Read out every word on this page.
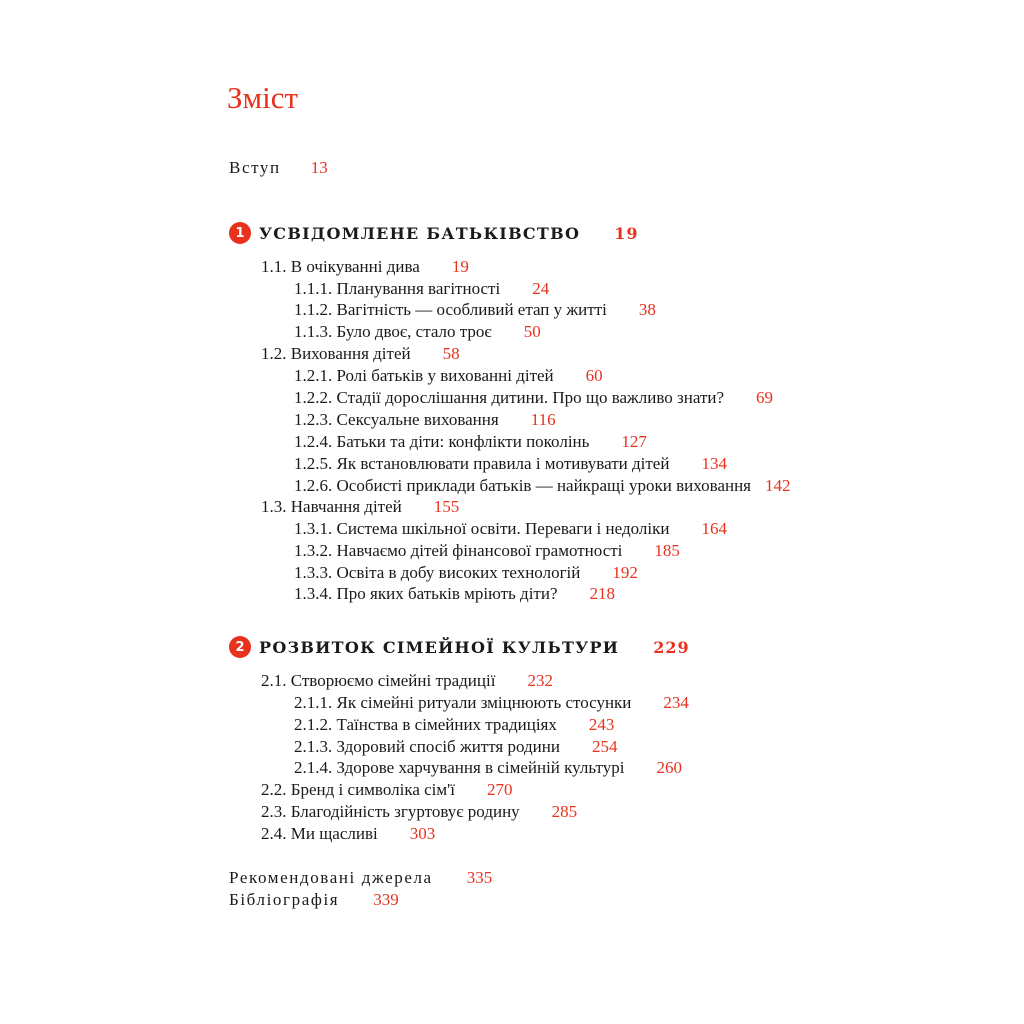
Зміст
Вступ 13
1 УСВІДОМЛЕНЕ БАТЬКІВСТВО 19
1.1. В очікуванні дива 19
1.1.1. Планування вагітності 24
1.1.2. Вагітність — особливий етап у житті 38
1.1.3. Було двоє, стало троє 50
1.2. Виховання дітей 58
1.2.1. Ролі батьків у вихованні дітей 60
1.2.2. Стадії дорослішання дитини. Про що важливо знати? 69
1.2.3. Сексуальне виховання 116
1.2.4. Батьки та діти: конфлікти поколінь 127
1.2.5. Як встановлювати правила і мотивувати дітей 134
1.2.6. Особисті приклади батьків — найкращі уроки виховання 142
1.3. Навчання дітей 155
1.3.1. Система шкільної освіти. Переваги і недоліки 164
1.3.2. Навчаємо дітей фінансової грамотності 185
1.3.3. Освіта в добу високих технологій 192
1.3.4. Про яких батьків мріють діти? 218
2 РОЗВИТОК СІМЕЙНОЇ КУЛЬТУРИ 229
2.1. Створюємо сімейні традиції 232
2.1.1. Як сімейні ритуали зміцнюють стосунки 234
2.1.2. Таїнства в сімейних традиціях 243
2.1.3. Здоровий спосіб життя родини 254
2.1.4. Здорове харчування в сімейній культурі 260
2.2. Бренд і символіка сім'ї 270
2.3. Благодійність згуртовує родину 285
2.4. Ми щасливі 303
Рекомендовані джерела 335
Бібліографія 339
